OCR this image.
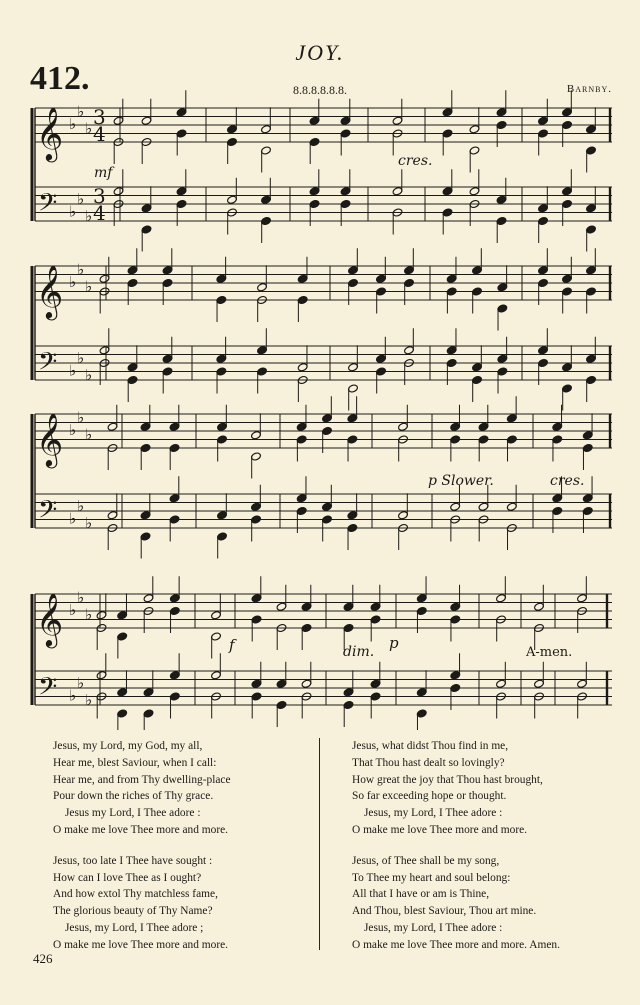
JOY.
412.	8.8.8.8.8.8.	Barnby.
𝄞 ♭
♭
♭ 3
4
𝄢 ♭
♭
♭
3
4
𝄞 ♭
♭
♭
𝄢 ♭
♭
♭
𝄞 ♭
♭
♭
𝄢 ♭
♭
♭
𝄞 ♭
♭
♭
𝄢 ♭
♭
♭
mf
cres.
p Slower.	cres.
f	dim. p
A-men.
Jesus, my Lord, my God, my all,
Hear me, blest Saviour, when I call:
Hear me, and from Thy dwelling-place
Pour down the riches of Thy grace.
Jesus my Lord, I Thee adore :
O make me love Thee more and more.
Jesus, too late I Thee have sought :
How can I love Thee as I ought?
And how extol Thy matchless fame,
The glorious beauty of Thy Name?
Jesus, my Lord, I Thee adore ;
O make me love Thee more and more.
Jesus, what didst Thou find in me,
That Thou hast dealt so lovingly?
How great the joy that Thou hast brought,
So far exceeding hope or thought.
Jesus, my Lord, I Thee adore :
O make me love Thee more and more.
Jesus, of Thee shall be my song,
To Thee my heart and soul belong:
All that I have or am is Thine,
And Thou, blest Saviour, Thou art mine.
Jesus, my Lord, I Thee adore :
O make me love Thee more and more. Amen.
426
